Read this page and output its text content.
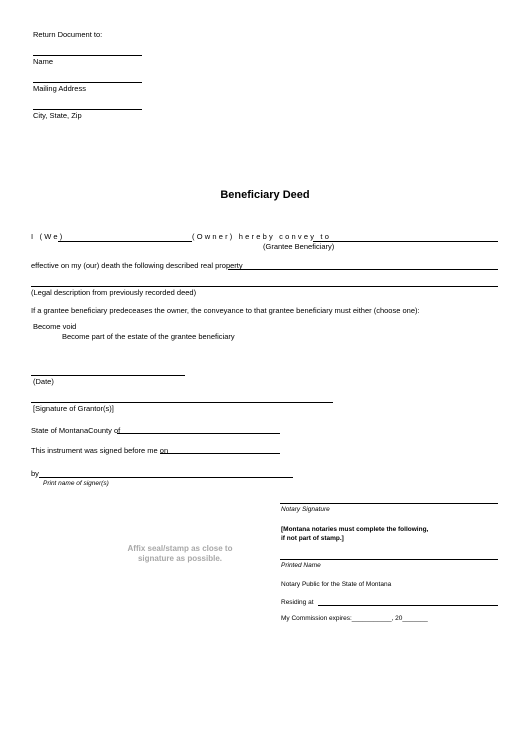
Return Document to:
Name
Mailing Address
City, State, Zip
Beneficiary Deed
I (We)	(Owner) hereby convey to
(Grantee Beneficiary)
effective on my (our) death the following described real property
(Legal description from previously recorded deed)
If a grantee beneficiary predeceases the owner, the conveyance to that grantee beneficiary must either (choose one):
Become void
Become part of the estate of the grantee beneficiary
(Date)
[Signature of Grantor(s)]
State of MontanaCounty of
This instrument was signed before me on
by
Print name of signer(s)
Notary Signature
[Montana notaries must complete the following,
if not part of stamp.]
Affix seal/stamp as close to signature as possible.
Printed Name
Notary Public for the State of Montana
Residing at
My Commission expires:___________, 20_______
